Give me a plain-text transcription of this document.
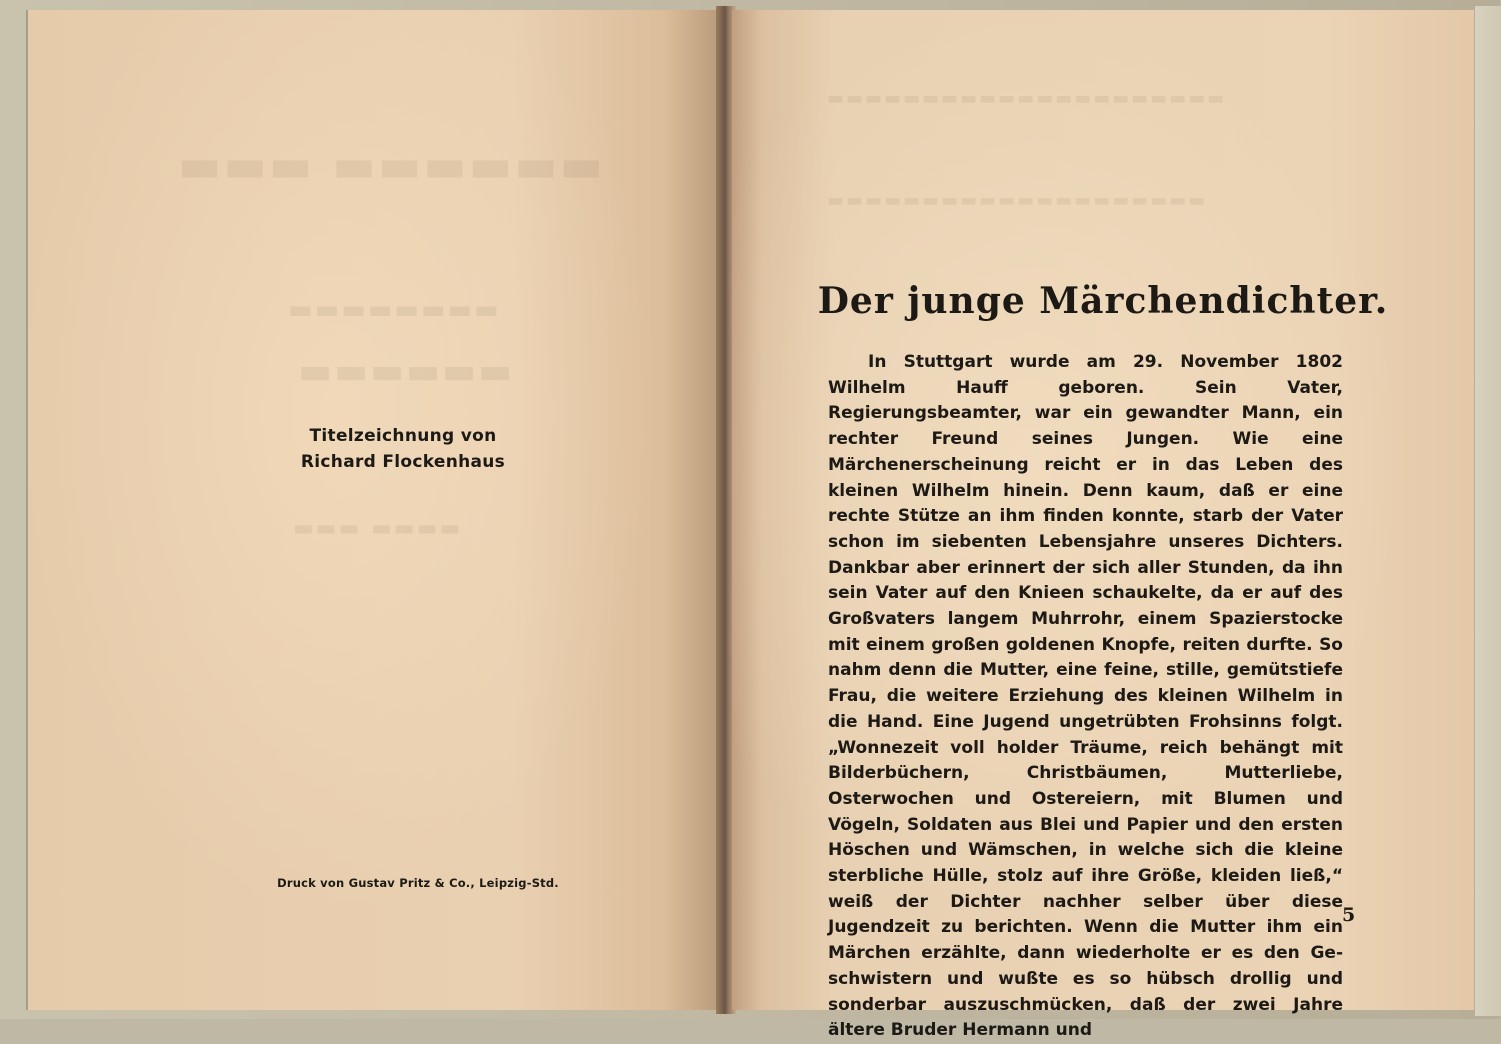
▬▬▬ ▬▬▬▬▬▬
▬▬▬▬▬▬▬▬
▬▬▬▬▬▬
▬▬▬ ▬▬▬▬
Titelzeichnung von
Richard Flockenhaus
Druck von Gustav Pritz & Co., Leipzig-Std.
▬▬▬▬▬▬▬▬▬▬▬▬▬▬▬▬▬▬▬▬▬
▬▬▬▬▬▬▬▬▬▬▬▬▬▬▬▬▬▬▬▬
Der junge Märchendichter.

In Stuttgart wurde am 29. November 1802 Wilhelm Hauff geboren. Sein Vater, Regierungsbeamter, war ein gewandter Mann, ein rechter Freund seines Jungen. Wie eine Märchenerscheinung reicht er in das Leben des kleinen Wilhelm hinein. Denn kaum, daß er eine rechte Stütze an ihm finden konnte, starb der Vater schon im siebenten Lebensjahre unseres Dichters. Dankbar aber erinnert der sich aller Stunden, da ihn sein Vater auf den Knieen schaukelte, da er auf des Großvaters langem Muhrrohr, einem Spazierstocke mit einem großen goldenen Knopfe, reiten durfte. So nahm denn die Mutter, eine feine, stille, gemütstiefe Frau, die weitere Erziehung des kleinen Wilhelm in die Hand. Eine Jugend ungetrübten Frohsinns folgt. „Wonnezeit voll holder Träume, reich behängt mit Bilderbüchern, Christbäumen, Mutterliebe, Osterwochen und Ostereiern, mit Blumen und Vögeln, Soldaten aus Blei und Papier und den ersten Höschen und Wämschen, in welche sich die kleine sterbliche Hülle, stolz auf ihre Größe, kleiden ließ,“ weiß der Dichter nachher selber über diese Jugendzeit zu berichten. Wenn die Mutter ihm ein Märchen erzählte, dann wiederholte er es den Geschwistern und wußte es so hübsch drollig und sonderbar auszuschmücken, daß der zwei Jahre ältere Bruder Hermann und

5
